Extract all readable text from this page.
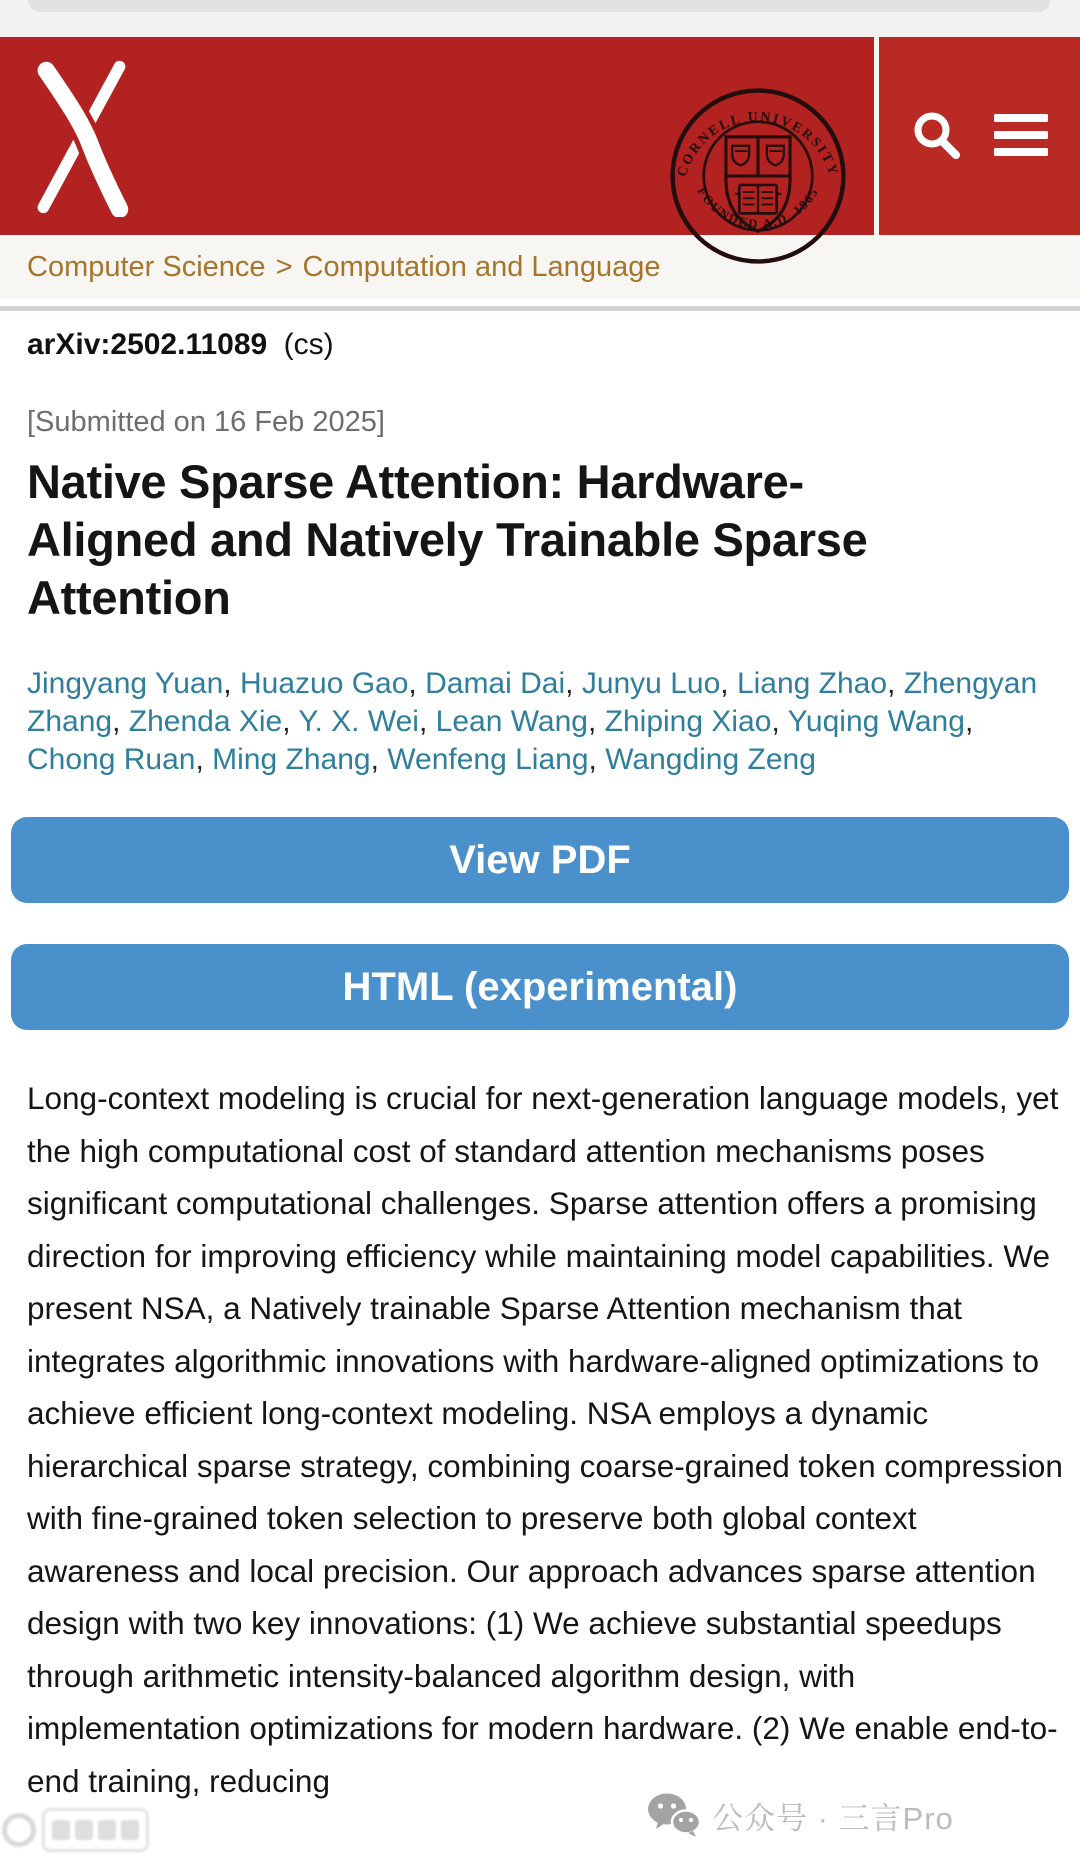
CORNELL UNIVERSITY
FOUNDED A.D. 1865
Computer Science > Computation and Language
arXiv:2502.11089 (cs)
[Submitted on 16 Feb 2025]
Native Sparse Attention: Hardware-Aligned and Natively Trainable Sparse Attention
Jingyang Yuan, Huazuo Gao, Damai Dai, Junyu Luo, Liang Zhao, Zhengyan Zhang, Zhenda Xie, Y. X. Wei, Lean Wang, Zhiping Xiao, Yuqing Wang, Chong Ruan, Ming Zhang, Wenfeng Liang, Wangding Zeng
View PDF
HTML (experimental)

Long-context modeling is crucial for next-generation language models, yet the high computational cost of standard attention mechanisms poses significant computational challenges. Sparse attention offers a promising direction for improving efficiency while maintaining model capabilities. We present NSA, a Natively trainable Sparse Attention mechanism that integrates algorithmic innovations with hardware-aligned optimizations to achieve efficient long-context modeling. NSA employs a dynamic hierarchical sparse strategy, combining coarse-grained token compression with fine-grained token selection to preserve both global context awareness and local precision. Our approach advances sparse attention design with two key innovations: (1) We achieve substantial speedups through arithmetic intensity-balanced algorithm design, with implementation optimizations for modern hardware. (2) We enable end-to-end training, reducing

公众号 · 三言Pro
